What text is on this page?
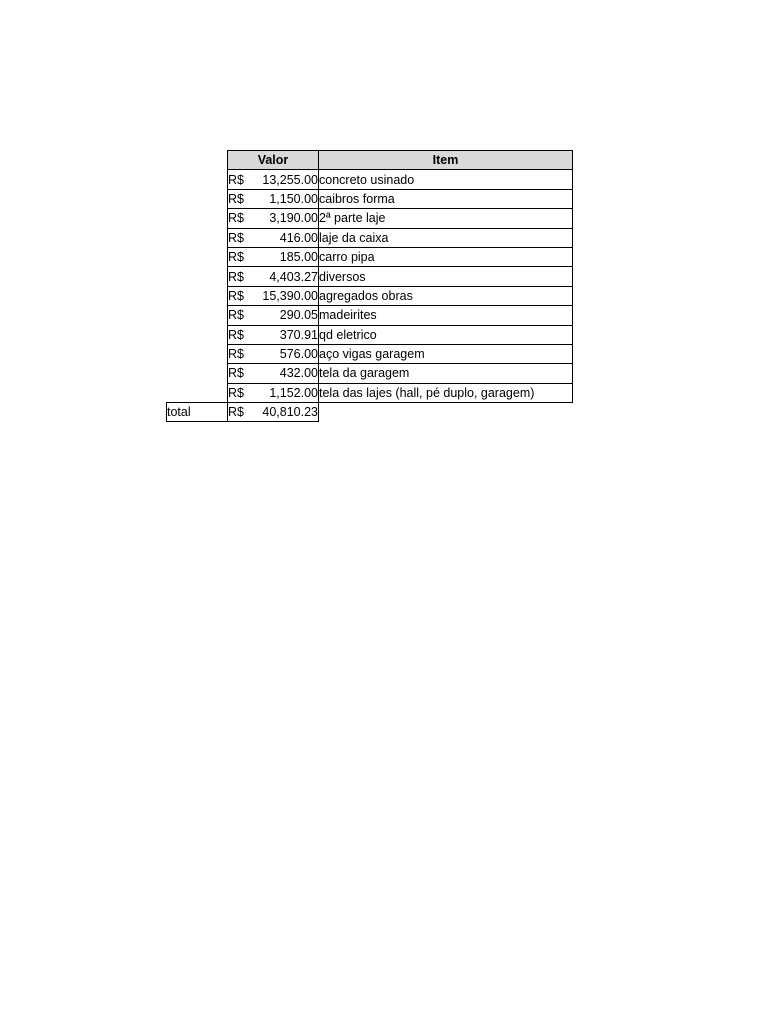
	Valor		Item
	R$	13,255.00	concreto usinado
	R$	1,150.00	caibros forma
	R$	3,190.00	2ª parte laje
	R$	416.00	laje da caixa
	R$	185.00	carro pipa
	R$	4,403.27	diversos
	R$	15,390.00	agregados obras
	R$	290.05	madeirites
	R$	370.91	qd eletrico
	R$	576.00	aço vigas garagem
	R$	432.00	tela da garagem
	R$	1,152.00	tela das lajes (hall, pé duplo, garagem)
total	R$	40,810.23	
